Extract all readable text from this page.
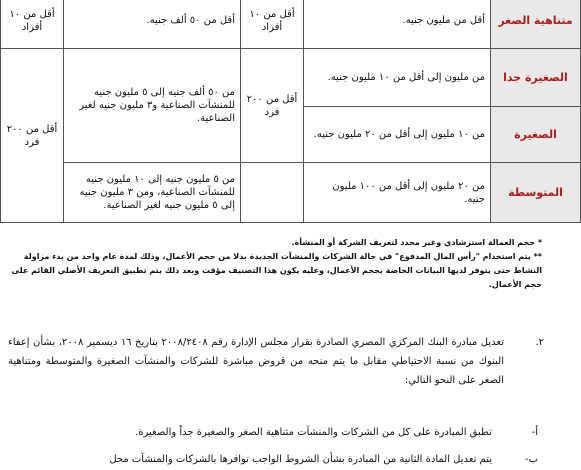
متناهية الصغر	أقل من مليون جنيه.	أقل من ١٠ أفراد	أقل من ٥٠ ألف جنيه.	أقل من ١٠ أفراد
الصغيرة جدا	من مليون إلى أقل من ١٠ مليون جنيه.	أقل من ٢٠٠ فرد	من ٥٠ ألف جنيه إلى ٥ مليون جنيه للمنشآت الصناعية و٣ مليون جنيه لغير الصناعية.	أقل من ٢٠٠ فرد
الصغيرة	من ١٠ مليون إلى أقل من ٢٠ مليون جنيه.			
المتوسطة	من ٢٠ مليون إلى أقل من ١٠٠ مليون جنيه.		من ٥ مليون جنيه إلى ١٠ مليون جنيه للمنشآت الصناعية، ومن ٣ مليون جنيه إلى ٥ مليون جنيه لغير الصناعية.	

* حجم العمالة استرشادي وغير محدد لتعريف الشركة أو المنشأة.

** يتم استخدام "رأس المال المدفوع" في حالة الشركات والمنشآت الجديدة بدلا من حجم الأعمال، وذلك لمدة عام واحد من بدء مزاولة النشاط حتى يتوفر لديها البيانات الخاصة بحجم الأعمال، وعليه يكون هذا التصنيف مؤقت وبعد ذلك يتم تطبيق التعريف الأصلي القائم على حجم الأعمال.

٢.
تعديل مبادرة البنك المركزي المصري الصادرة بقرار مجلس الإدارة رقم ٢٠٠٨/٢٤٠٨ بتاريخ ١٦ ديسمبر ٢٠٠٨، بشأن إعفاء البنوك من نسبة الاحتياطي مقابل ما يتم منحه من قروض مباشرة للشركات والمنشآت الصغيرة والمتوسطة ومتناهية الصغر على النحو التالي:
أ-
تطبق المبادرة على كل من الشركات والمنشآت متناهية الصغر والصغيرة جداً والصغيرة.
ب-
يتم تعديل المادة الثانية من المبادرة بشأن الشروط الواجب توافرها بالشركات والمنشآت محل
